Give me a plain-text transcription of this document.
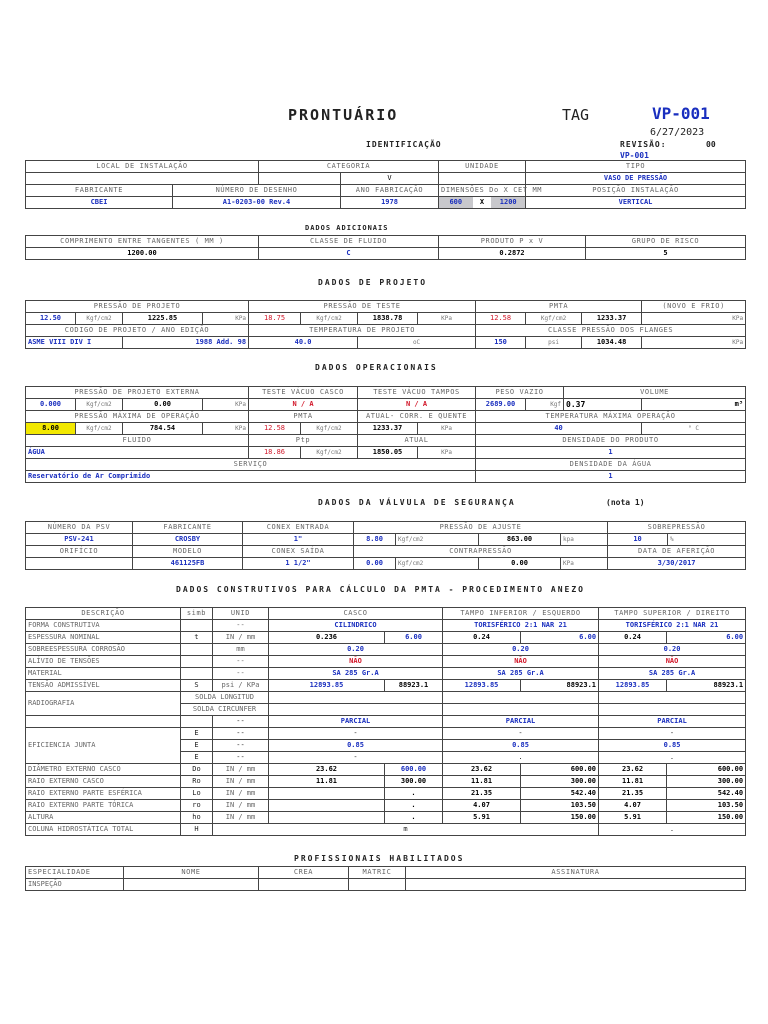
PRONTUÁRIO	TAG	VP-001
6/27/2023
IDENTIFICAÇÃO	REVISÃO:	00

LOCAL DE INSTALAÇÃO		CATEGORIA		UNIDADE	TIPO
			V		VASO DE PRESSÃO
FABRICANTE	NÚMERO DE DESENHO		ANO FABRICAÇÃO	DIMENSÕES Do X CET MM	POSIÇÃO INSTALAÇÃO
CBEI	A1-0203-00 Rev.4		1978	600 X 1200	VERTICAL
VP-001
DADOS ADICIONAIS
COMPRIMENTO ENTRE TANGENTES ( MM )	CLASSE DE FLUIDO	PRODUTO P x V	GRUPO DE RISCO
1200.00	C	0.2872	5
DADOS DE PROJETO
PRESSÃO DE PROJETO				PRESSÃO DE TESTE				PMTA			(NOVO E FRIO)
12.50	Kgf/cm2	1225.85	KPa	18.75	Kgf/cm2	1838.78	KPa	12.58	Kgf/cm2	1233.37	KPa
CODIGO DE PROJETO / ANO EDIÇÃO				TEMPERATURA DE PROJETO				CLASSE PRESSÃO DOS FLANGES			
ASME VIII DIV I		1988 Add. 98		40.0		oC		150	psi	1034.48	KPa
DADOS OPERACIONAIS
PRESSÃO DE PROJETO EXTERNA				TESTE VÁCUO CASCO		TESTE VÁCUO TAMPOS		PESO VAZIO		VOLUME	
0.000	Kgf/cm2	0.00	KPa	N / A		N / A		2689.00	Kgf	0.37	m³
PRESSÃO MÁXIMA DE OPERAÇÃO				PMTA		ATUAL- CORR. E QUENTE		TEMPERATURA MÁXIMA OPERAÇÃO			
8.00	Kgf/cm2	784.54	KPa	12.58	Kgf/cm2	1233.37	KPa	40			° C
FLUIDO				Ptp		ATUAL		DENSIDADE DO PRODUTO			
ÁGUA				18.86	Kgf/cm2	1850.05	KPa	1			
SERVIÇO								DENSIDADE DA ÁGUA			
Reservatório de Ar Comprimido								1			
DADOS DA VÁLVULA DE SEGURANÇA	(nota 1)
NÚMERO DA PSV	FABRICANTE	CONEX ENTRADA	PRESSÃO DE AJUSTE				SOBREPRESSÃO	
PSV-241	CROSBY	1"	8.80	Kgf/cm2	863.00	kpa	10	%
ORIFÍCIO	MODELO	CONEX SAÍDA	CONTRAPRESSÃO				DATA DE AFERIÇÃO	
	461125FB	1 1/2"	0.00	Kgf/cm2	0.00	KPa	3/30/2017	
DADOS CONSTRUTIVOS PARA CÁLCULO DA PMTA - PROCEDIMENTO ANEZO
DESCRIÇÃO	simb	UNID	CASCO		TAMPO INFERIOR / ESQUERDO		TAMPO SUPERIOR / DIREITO	
FORMA CONSTRUTIVA		--	CILINDRICO		TORISFÉRICO 2:1 NAR 21		TORISFÉRICO 2:1 NAR 21	
ESPESSURA NOMINAL	t	IN / mm	0.236	6.00	0.24	6.00	0.24	6.00
SOBREESPESSURA CORROSÃO		mm	0.20		0.20		0.20	
ALÍVIO DE TENSÕES		--	NÃO		NÃO		NÃO	
MATERIAL		--	SA 285 Gr.A		SA 285 Gr.A		SA 285 Gr.A	
TENSÃO ADMISSÍVEL	S	psi / KPa	12893.85	88923.1	12893.85	88923.1	12893.85	88923.1
RADIOGRAFIA	SOLDA LONGITUD							
	SOLDA CIRCUNFER							
		--	PARCIAL		PARCIAL		PARCIAL	
EFICIENCIA JUNTA	E	--	-		-		-	
	E	--	0.85		0.85		0.85	
	E	--	-		.		.	
DIÂMETRO EXTERNO CASCO	Do	IN / mm	23.62	600.00	23.62	600.00	23.62	600.00
RAIO EXTERNO CASCO	Ro	IN / mm	11.81	300.00	11.81	300.00	11.81	300.00
RAIO EXTERNO PARTE ESFÉRICA	Lo	IN / mm		.	21.35	542.40	21.35	542.40
RAIO EXTERNO PARTE TÓRICA	ro	IN / mm		.	4.07	103.50	4.07	103.50
ALTURA	ho	IN / mm		.	5.91	150.00	5.91	150.00
COLUNA HIDROSTÁTICA TOTAL	H	m					.	
PROFISSIONAIS HABILITADOS
ESPECIALIDADE	NOME	CREA	MATRIC	ASSINATURA
INSPEÇÃO				
